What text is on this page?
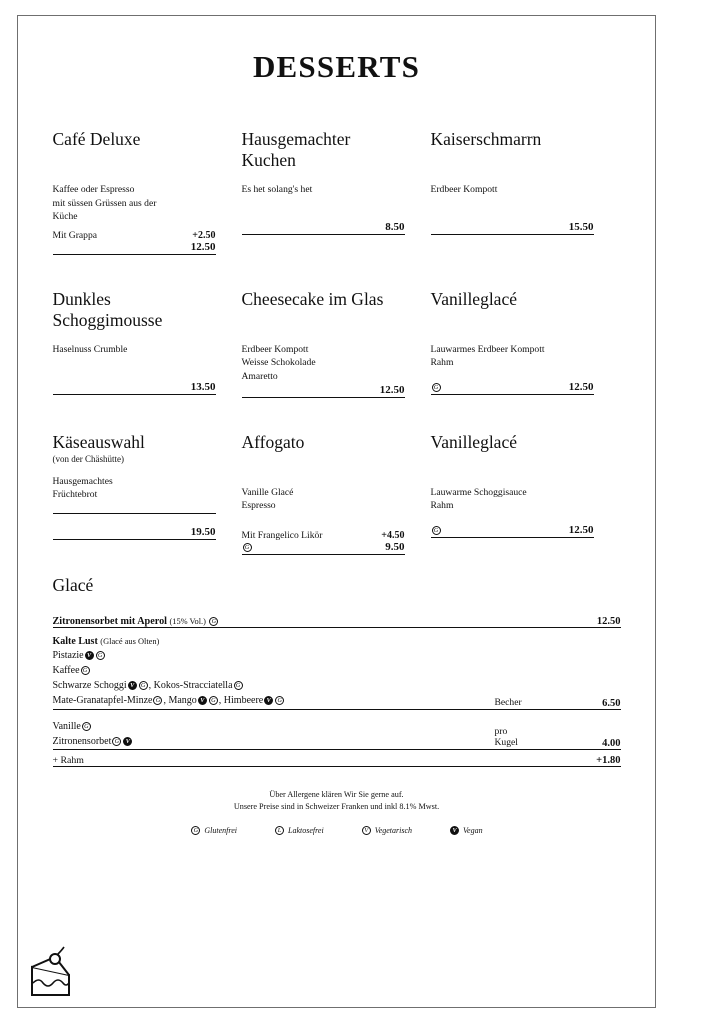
DESSERTS
Café Deluxe
Kaffee oder Espresso
mit süssen Grüssen aus der
Küche
Mit Grappa	+2.50
12.50
Hausgemachter Kuchen
Es het solang's het
8.50
Kaiserschmarrn
Erdbeer Kompott
15.50
Dunkles Schoggimousse
Haselnuss Crumble
13.50
Cheesecake im Glas
Erdbeer Kompott
Weisse Schokolade
Amaretto
12.50
Vanilleglacé
Lauwarmes Erdbeer Kompott
Rahm
G	12.50
Käseauswahl
(von der Chäshütte)
Hausgemachtes
Früchtebrot
19.50
Affogato
Vanille Glacé
Espresso
Mit Frangelico Likör	+4.50
G	9.50
Vanilleglacé
Lauwarme Schoggisauce
Rahm
G	12.50
Glacé
Zitronensorbet mit Aperol (15% Vol.) G	12.50
Kalte Lust (Glacé aus Olten)
Pistazie V G
Kaffee G
Schwarze Schoggi V G , Kokos-Stracciatella G
Mate-Granatapfel-Minze G , Mango V G , Himbeere V G	Becher	6.50
Vanille G
Zitronensorbet G V
pro
Kugel	4.00
+ Rahm	+1.80
Über Allergene klären Wir Sie gerne auf.
Unsere Preise sind in Schweizer Franken und inkl 8.1% Mwst.
G Glutenfrei	L Laktosefrei	V Vegetarisch	V Vegan
